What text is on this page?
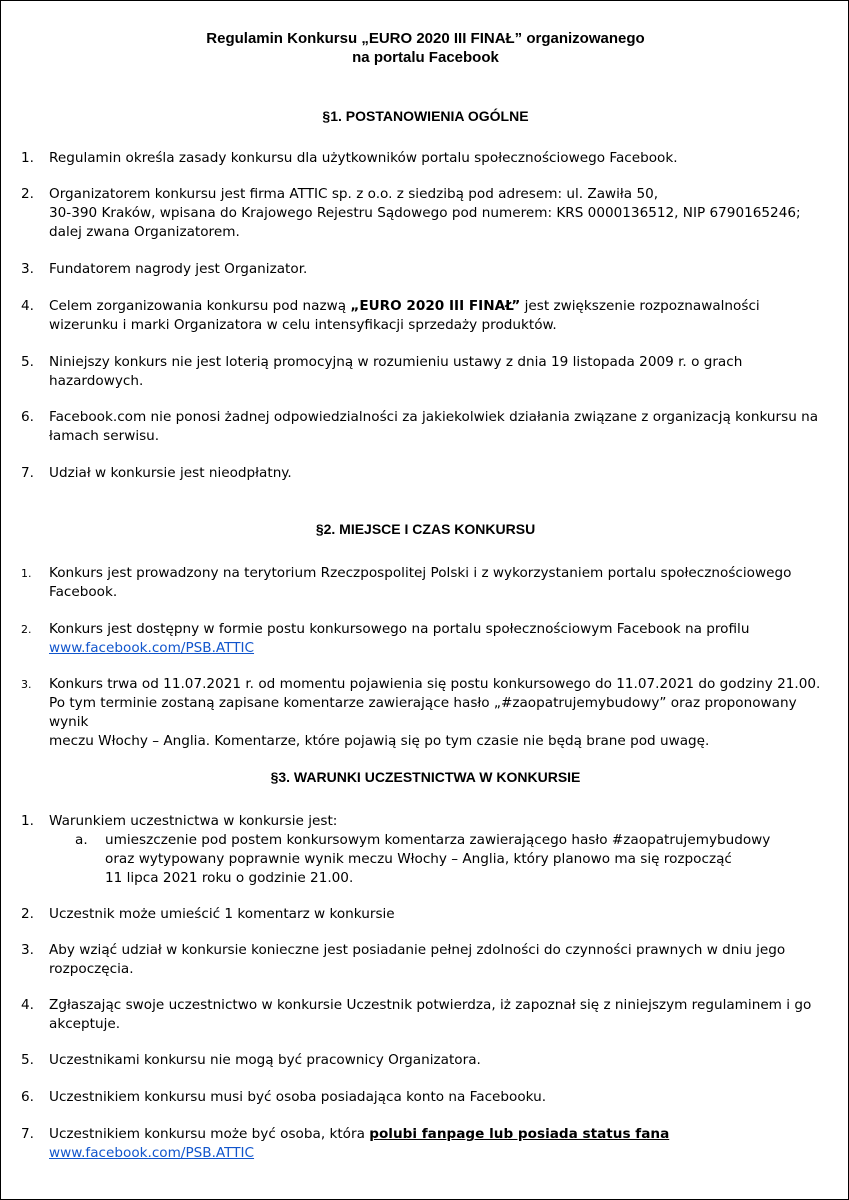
Regulamin Konkursu „EURO 2020 III FINAŁ” organizowanego
na portalu Facebook
§1. POSTANOWIENIA OGÓLNE
1. Regulamin określa zasady konkursu dla użytkowników portalu społecznościowego Facebook.
2. Organizatorem konkursu jest firma ATTIC sp. z o.o. z siedzibą pod adresem: ul. Zawiła 50,
30-390 Kraków, wpisana do Krajowego Rejestru Sądowego pod numerem: KRS 0000136512, NIP 6790165246;
dalej zwana Organizatorem.
3. Fundatorem nagrody jest Organizator.
4. Celem zorganizowania konkursu pod nazwą „EURO 2020 III FINAŁ” jest zwiększenie rozpoznawalności
wizerunku i marki Organizatora w celu intensyfikacji sprzedaży produktów.
5. Niniejszy konkurs nie jest loterią promocyjną w rozumieniu ustawy z dnia 19 listopada 2009 r. o grach
hazardowych.
6. Facebook.com nie ponosi żadnej odpowiedzialności za jakiekolwiek działania związane z organizacją konkursu na
łamach serwisu.
7. Udział w konkursie jest nieodpłatny.
§2. MIEJSCE I CZAS KONKURSU
1. Konkurs jest prowadzony na terytorium Rzeczpospolitej Polski i z wykorzystaniem portalu społecznościowego
Facebook.
2. Konkurs jest dostępny w formie postu konkursowego na portalu społecznościowym Facebook na profilu
www.facebook.com/PSB.ATTIC
3. Konkurs trwa od 11.07.2021 r. od momentu pojawienia się postu konkursowego do 11.07.2021 do godziny 21.00.
Po tym terminie zostaną zapisane komentarze zawierające hasło „#zaopatrujemybudowy” oraz proponowany wynik
meczu Włochy – Anglia. Komentarze, które pojawią się po tym czasie nie będą brane pod uwagę.
§3. WARUNKI UCZESTNICTWA W KONKURSIE
1. Warunkiem uczestnictwa w konkursie jest:
a. umieszczenie pod postem konkursowym komentarza zawierającego hasło #zaopatrujemybudowy
oraz wytypowany poprawnie wynik meczu Włochy – Anglia, który planowo ma się rozpocząć
11 lipca 2021 roku o godzinie 21.00.
2. Uczestnik może umieścić 1 komentarz w konkursie
3. Aby wziąć udział w konkursie konieczne jest posiadanie pełnej zdolności do czynności prawnych w dniu jego
rozpoczęcia.
4. Zgłaszając swoje uczestnictwo w konkursie Uczestnik potwierdza, iż zapoznał się z niniejszym regulaminem i go
akceptuje.
5. Uczestnikami konkursu nie mogą być pracownicy Organizatora.
6. Uczestnikiem konkursu musi być osoba posiadająca konto na Facebooku.
7. Uczestnikiem konkursu może być osoba, która polubi fanpage lub posiada status fana
www.facebook.com/PSB.ATTIC
